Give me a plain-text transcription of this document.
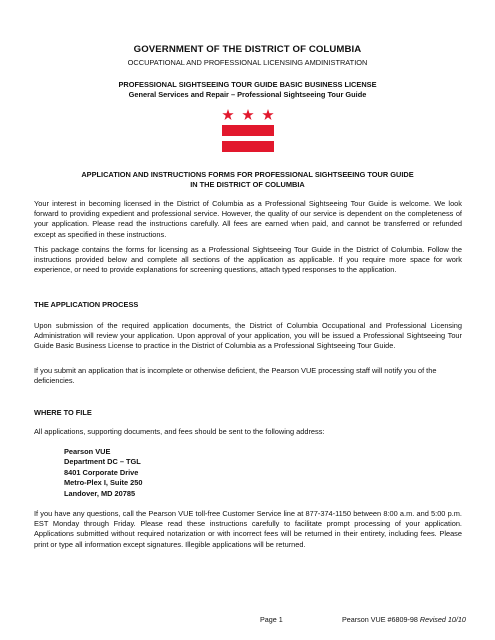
GOVERNMENT OF THE DISTRICT OF COLUMBIA
OCCUPATIONAL AND PROFESSIONAL LICENSING AMDINISTRATION
PROFESSIONAL SIGHTSEEING TOUR GUIDE BASIC BUSINESS LICENSE
General Services and Repair – Professional Sightseeing Tour Guide
APPLICATION AND INSTRUCTIONS FORMS FOR PROFESSIONAL SIGHTSEEING TOUR GUIDE
IN THE DISTRICT OF COLUMBIA
Your interest in becoming licensed in the District of Columbia as a Professional Sightseeing Tour Guide is welcome. We look forward to providing expedient and professional service. However, the quality of our service is dependent on the completeness of your application. Please read the instructions carefully. All fees are earned when paid, and cannot be transferred or refunded except as specified in these instructions.
This package contains the forms for licensing as a Professional Sightseeing Tour Guide in the District of Columbia. Follow the instructions provided below and complete all sections of the application as applicable. If you require more space for work experience, or need to provide explanations for screening questions, attach typed responses to the application.
THE APPLICATION PROCESS
Upon submission of the required application documents, the District of Columbia Occupational and Professional Licensing Administration will review your application. Upon approval of your application, you will be issued a Professional Sightseeing Tour Guide Basic Business License to practice in the District of Columbia as a Professional Sightseeing Tour Guide.
If you submit an application that is incomplete or otherwise deficient, the Pearson VUE processing staff will notify you of the deficiencies.
WHERE TO FILE
All applications, supporting documents, and fees should be sent to the following address:
Pearson VUE
Department DC – TGL
8401 Corporate Drive
Metro-Plex I, Suite 250
Landover, MD 20785
If you have any questions, call the Pearson VUE toll-free Customer Service line at 877-374-1150 between 8:00 a.m. and 5:00 p.m. EST Monday through Friday. Please read these instructions carefully to facilitate prompt processing of your application. Applications submitted without required notarization or with incorrect fees will be returned in their entirety, including fees. Please print or type all information except signatures. Illegible applications will be returned.
Page 1	Pearson VUE #6809-98 Revised 10/10
